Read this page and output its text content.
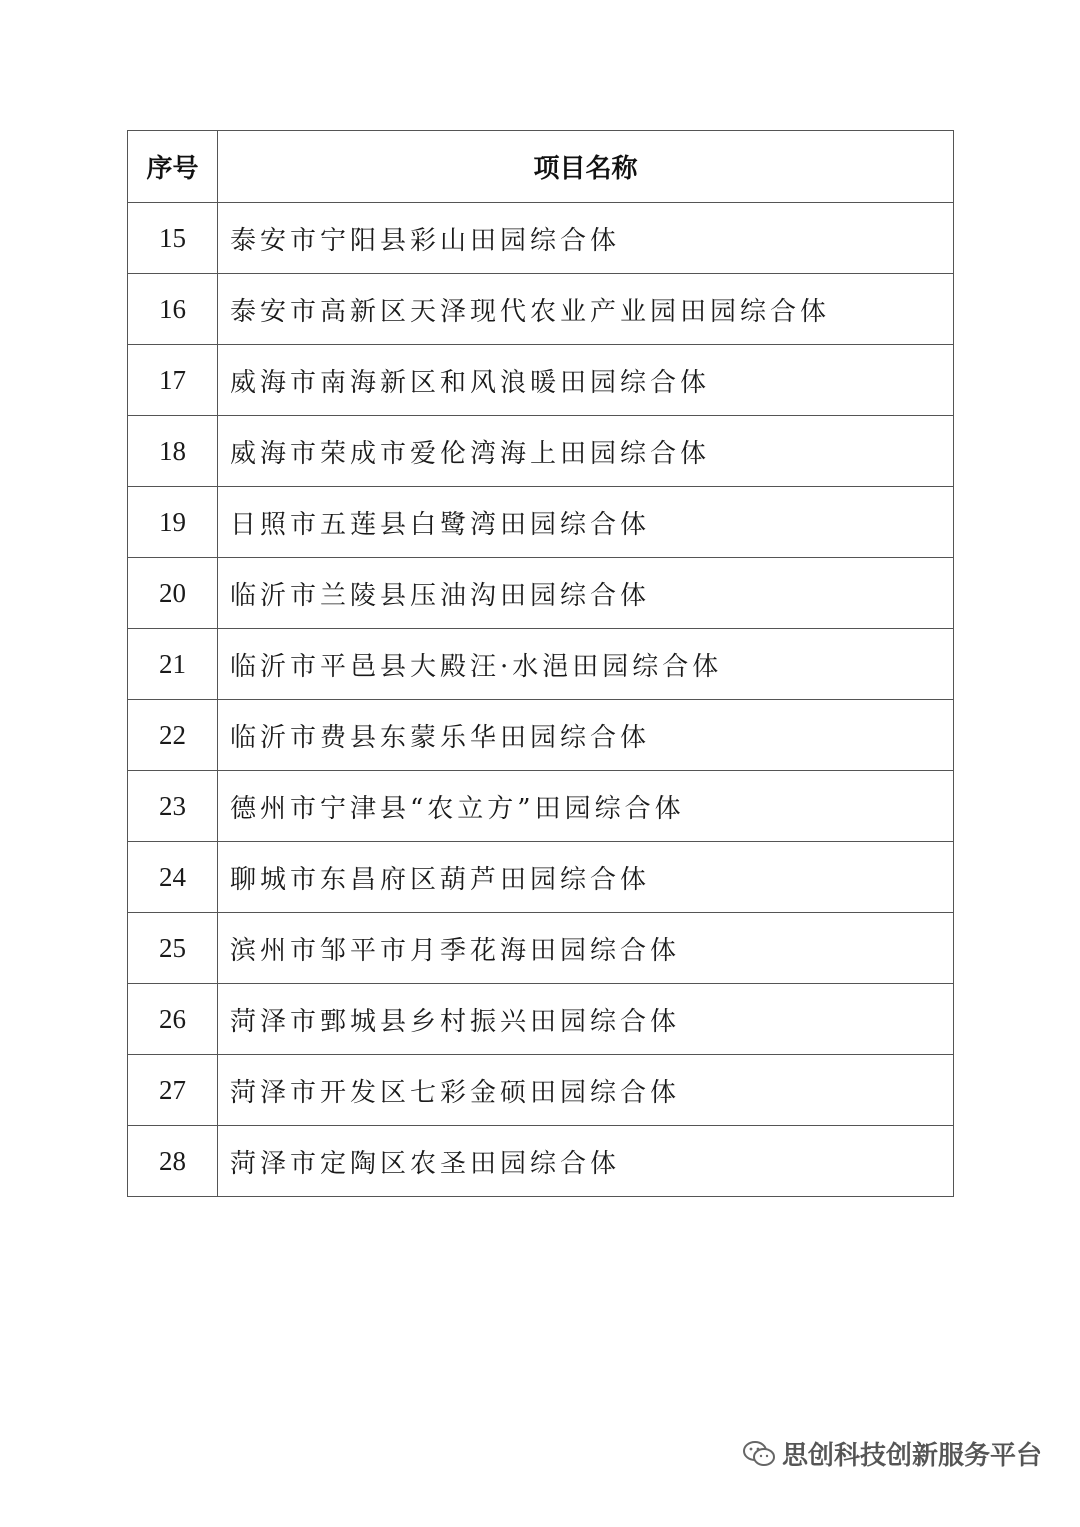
序号	项目名称
15	泰安市宁阳县彩山田园综合体
16	泰安市高新区天泽现代农业产业园田园综合体
17	威海市南海新区和风浪暖田园综合体
18	威海市荣成市爱伦湾海上田园综合体
19	日照市五莲县白鹭湾田园综合体
20	临沂市兰陵县压油沟田园综合体
21	临沂市平邑县大殿汪·水浥田园综合体
22	临沂市费县东蒙乐华田园综合体
23	德州市宁津县“农立方”田园综合体
24	聊城市东昌府区葫芦田园综合体
25	滨州市邹平市月季花海田园综合体
26	菏泽市鄄城县乡村振兴田园综合体
27	菏泽市开发区七彩金硕田园综合体
28	菏泽市定陶区农圣田园综合体
思创科技创新服务平台
